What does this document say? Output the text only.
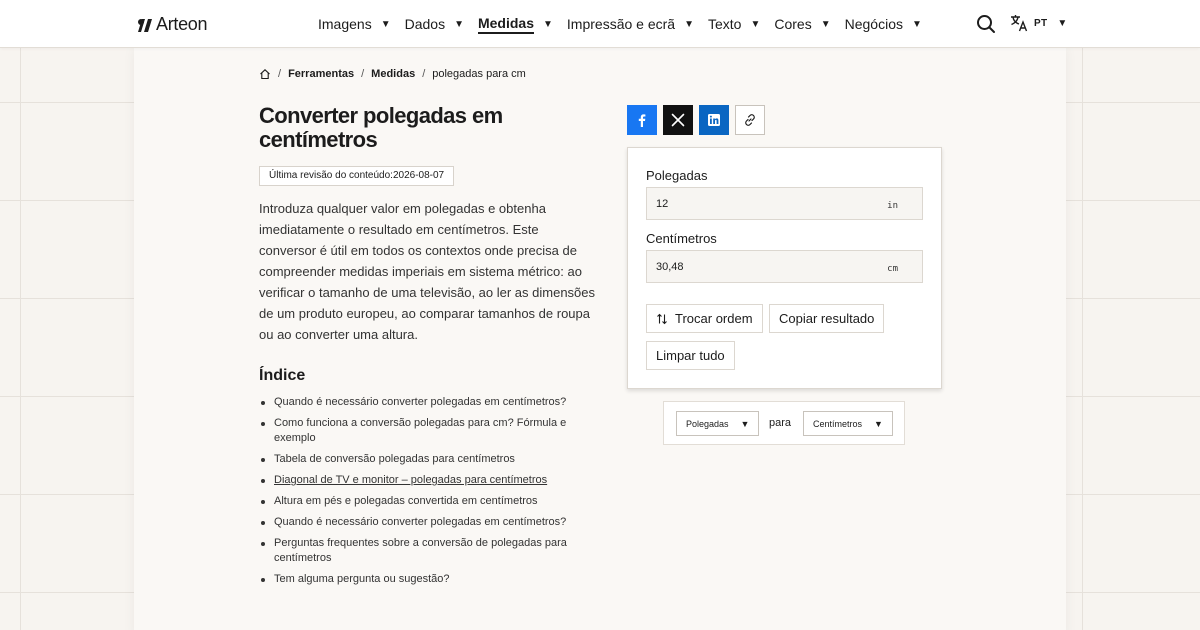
Arteon	Imagens ▼ Dados ▼ Medidas ▼ Impressão e ecrã ▼ Texto ▼ Cores ▼ Negócios ▼	PT ▼
/ Ferramentas / Medidas / polegadas para cm
Converter polegadas em centímetros
Última revisão do conteúdo:2026-08-07

Introduza qualquer valor em polegadas e obtenha imediatamente o resultado em centímetros. Este conversor é útil em todos os contextos onde precisa de compreender medidas imperiais em sistema métrico: ao verificar o tamanho de uma televisão, ao ler as dimensões de um produto europeu, ao comparar tamanhos de roupa ou ao converter uma altura.

Índice
Quando é necessário converter polegadas em centímetros?
Como funciona a conversão polegadas para cm? Fórmula e exemplo
Tabela de conversão polegadas para centímetros
Diagonal de TV e monitor – polegadas para centímetros
Altura em pés e polegadas convertida em centímetros
Quando é necessário converter polegadas em centímetros?
Perguntas frequentes sobre a conversão de polegadas para centímetros
Tem alguma pergunta ou sugestão?
Polegadas
12
in
Centímetros
30,48
cm
Trocar ordem	Copiar resultado
Limpar tudo
Polegadas ▼ para Centímetros ▼
